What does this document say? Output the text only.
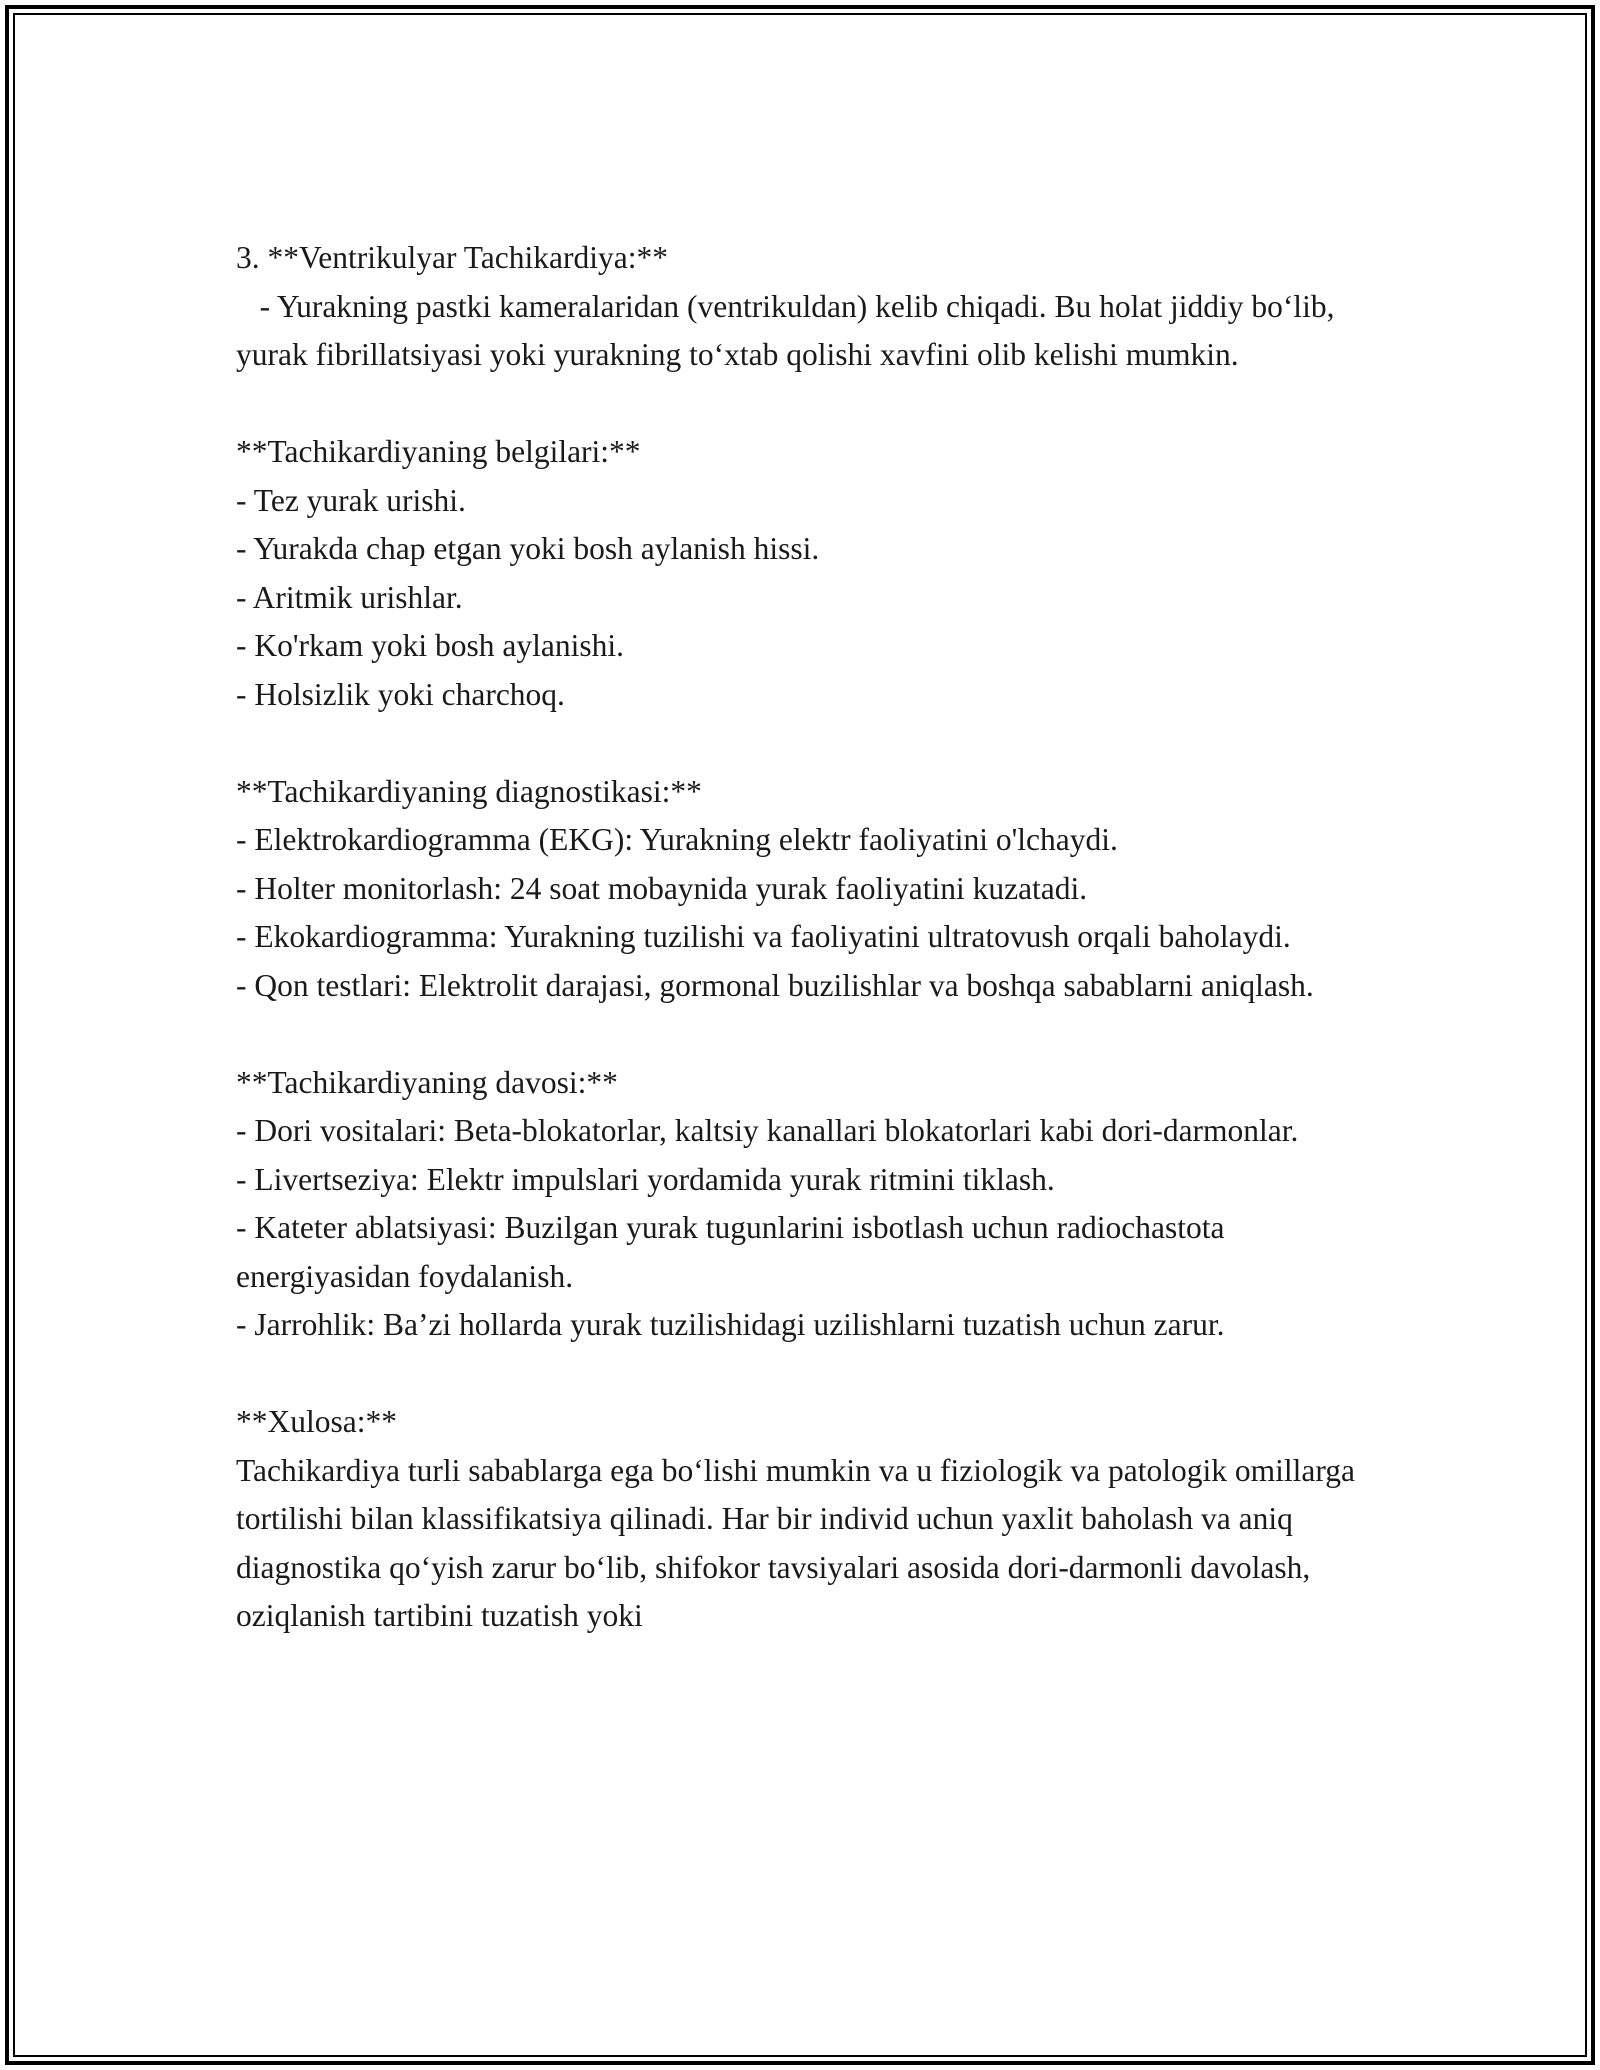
3. **Ventrikulyar Tachikardiya:**

- Yurakning pastki kameralaridan (ventrikuldan) kelib chiqadi. Bu holat jiddiy bo‘lib, yurak fibrillatsiyasi yoki yurakning to‘xtab qolishi xavfini olib kelishi mumkin.

**Tachikardiyaning belgilari:**

- Tez yurak urishi.

- Yurakda chap etgan yoki bosh aylanish hissi.

- Aritmik urishlar.

- Ko'rkam yoki bosh aylanishi.

- Holsizlik yoki charchoq.

**Tachikardiyaning diagnostikasi:**

- Elektrokardiogramma (EKG): Yurakning elektr faoliyatini o'lchaydi.

- Holter monitorlash: 24 soat mobaynida yurak faoliyatini kuzatadi.

- Ekokardiogramma: Yurakning tuzilishi va faoliyatini ultratovush orqali baholaydi.

- Qon testlari: Elektrolit darajasi, gormonal buzilishlar va boshqa sabablarni aniqlash.

**Tachikardiyaning davosi:**

- Dori vositalari: Beta-blokatorlar, kaltsiy kanallari blokatorlari kabi dori-darmonlar.

- Livertseziya: Elektr impulslari yordamida yurak ritmini tiklash.

- Kateter ablatsiyasi: Buzilgan yurak tugunlarini isbotlash uchun radiochastota energiyasidan foydalanish.

- Jarrohlik: Ba’zi hollarda yurak tuzilishidagi uzilishlarni tuzatish uchun zarur.

**Xulosa:**

Tachikardiya turli sabablarga ega bo‘lishi mumkin va u fiziologik va patologik omillarga tortilishi bilan klassifikatsiya qilinadi. Har bir individ uchun yaxlit baholash va aniq diagnostika qo‘yish zarur bo‘lib, shifokor tavsiyalari asosida dori-darmonli davolash, oziqlanish tartibini tuzatish yoki
